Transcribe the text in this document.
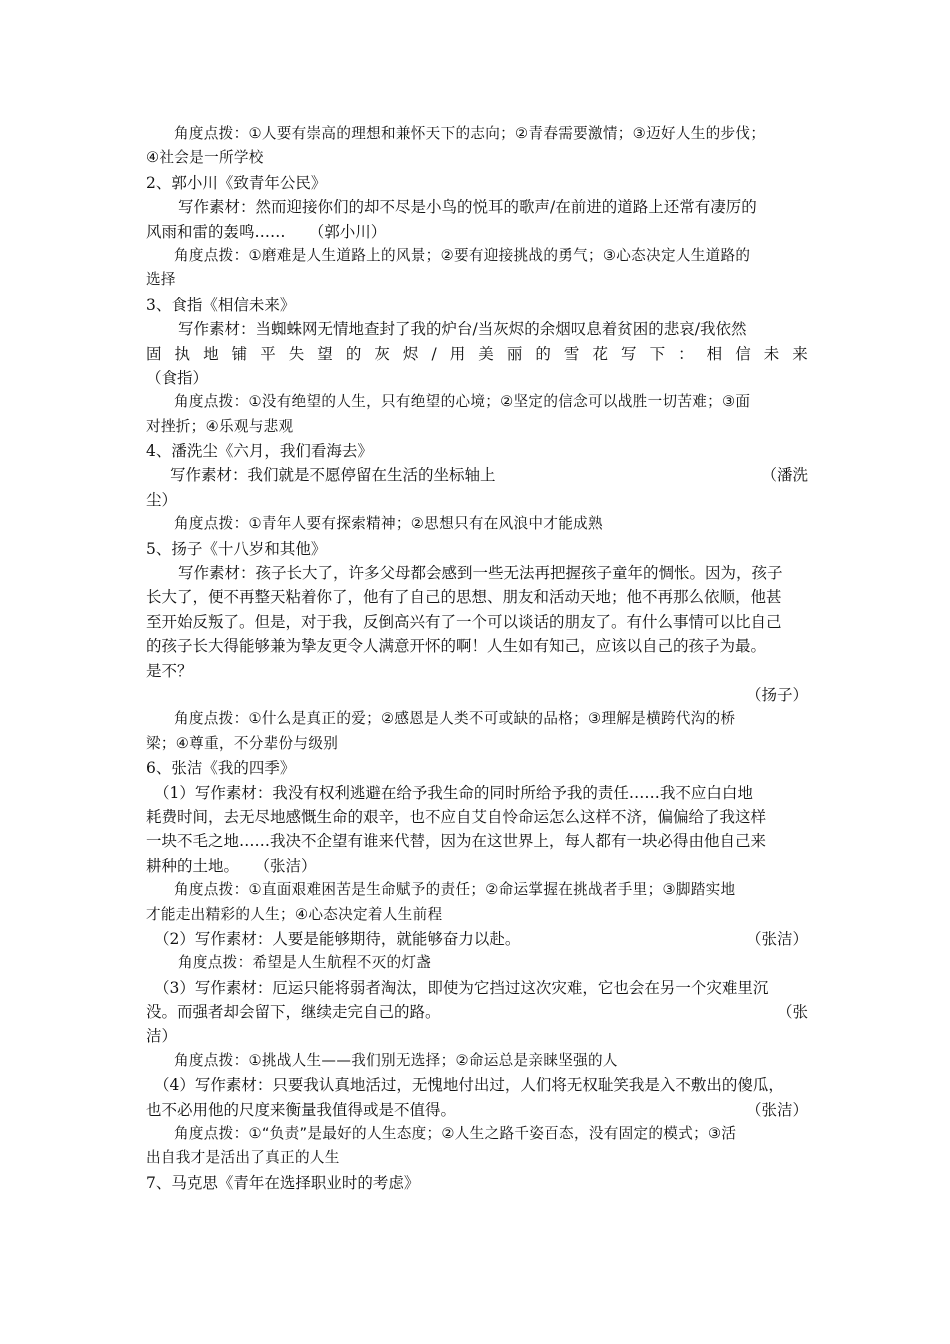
角度点拨：①人要有崇高的理想和兼怀天下的志向；②青春需要激情；③迈好人生的步伐；
④社会是一所学校
2、郭小川《致青年公民》
写作素材：然而迎接你们的却不尽是小鸟的悦耳的歌声/在前进的道路上还常有凄厉的
风雨和雷的轰鸣……　　（郭小川）
角度点拨：①磨难是人生道路上的风景；②要有迎接挑战的勇气；③心态决定人生道路的
选择
3、食指《相信未来》
写作素材：当蜘蛛网无情地查封了我的炉台/当灰烬的余烟叹息着贫困的悲哀/我依然
固 执 地 铺 平 失 望 的 灰 烬 / 用 美 丽 的 雪 花 写 下 ： 相 信 未 来
（食指）
角度点拨：①没有绝望的人生，只有绝望的心境；②坚定的信念可以战胜一切苦难；③面
对挫折；④乐观与悲观
4、潘洗尘《六月，我们看海去》
写作素材：我们就是不愿停留在生活的坐标轴上	（潘洗
尘）
角度点拨：①青年人要有探索精神；②思想只有在风浪中才能成熟
5、扬子《十八岁和其他》
写作素材：孩子长大了，许多父母都会感到一些无法再把握孩子童年的惆怅。因为，孩子
长大了，便不再整天粘着你了，他有了自己的思想、朋友和活动天地；他不再那么依顺，他甚
至开始反叛了。但是，对于我，反倒高兴有了一个可以谈话的朋友了。有什么事情可以比自己
的孩子长大得能够兼为挚友更令人满意开怀的啊！人生如有知己，应该以自己的孩子为最。
是不？
（扬子）
角度点拨：①什么是真正的爱；②感恩是人类不可或缺的品格；③理解是横跨代沟的桥
梁；④尊重，不分辈份与级别
6、张洁《我的四季》
（1）写作素材：我没有权利逃避在给予我生命的同时所给予我的责任……我不应白白地
耗费时间，去无尽地感慨生命的艰辛，也不应自艾自怜命运怎么这样不济，偏偏给了我这样
一块不毛之地……我决不企望有谁来代替，因为在这世界上，每人都有一块必得由他自己来
耕种的土地。　　（张洁）
角度点拨：①直面艰难困苦是生命赋予的责任；②命运掌握在挑战者手里；③脚踏实地
才能走出精彩的人生；④心态决定着人生前程
（2）写作素材：人要是能够期待，就能够奋力以赴。	（张洁）
角度点拨：希望是人生航程不灭的灯盏
（3）写作素材：厄运只能将弱者淘汰，即使为它挡过这次灾难，它也会在另一个灾难里沉
没。而强者却会留下，继续走完自己的路。	（张
洁）
角度点拨：①挑战人生——我们别无选择；②命运总是亲睐坚强的人
（4）写作素材：只要我认真地活过，无愧地付出过，人们将无权耻笑我是入不敷出的傻瓜，
也不必用他的尺度来衡量我值得或是不值得。	（张洁）
角度点拨：①“负责”是最好的人生态度；②人生之路千姿百态，没有固定的模式；③活
出自我才是活出了真正的人生
7、马克思《青年在选择职业时的考虑》
